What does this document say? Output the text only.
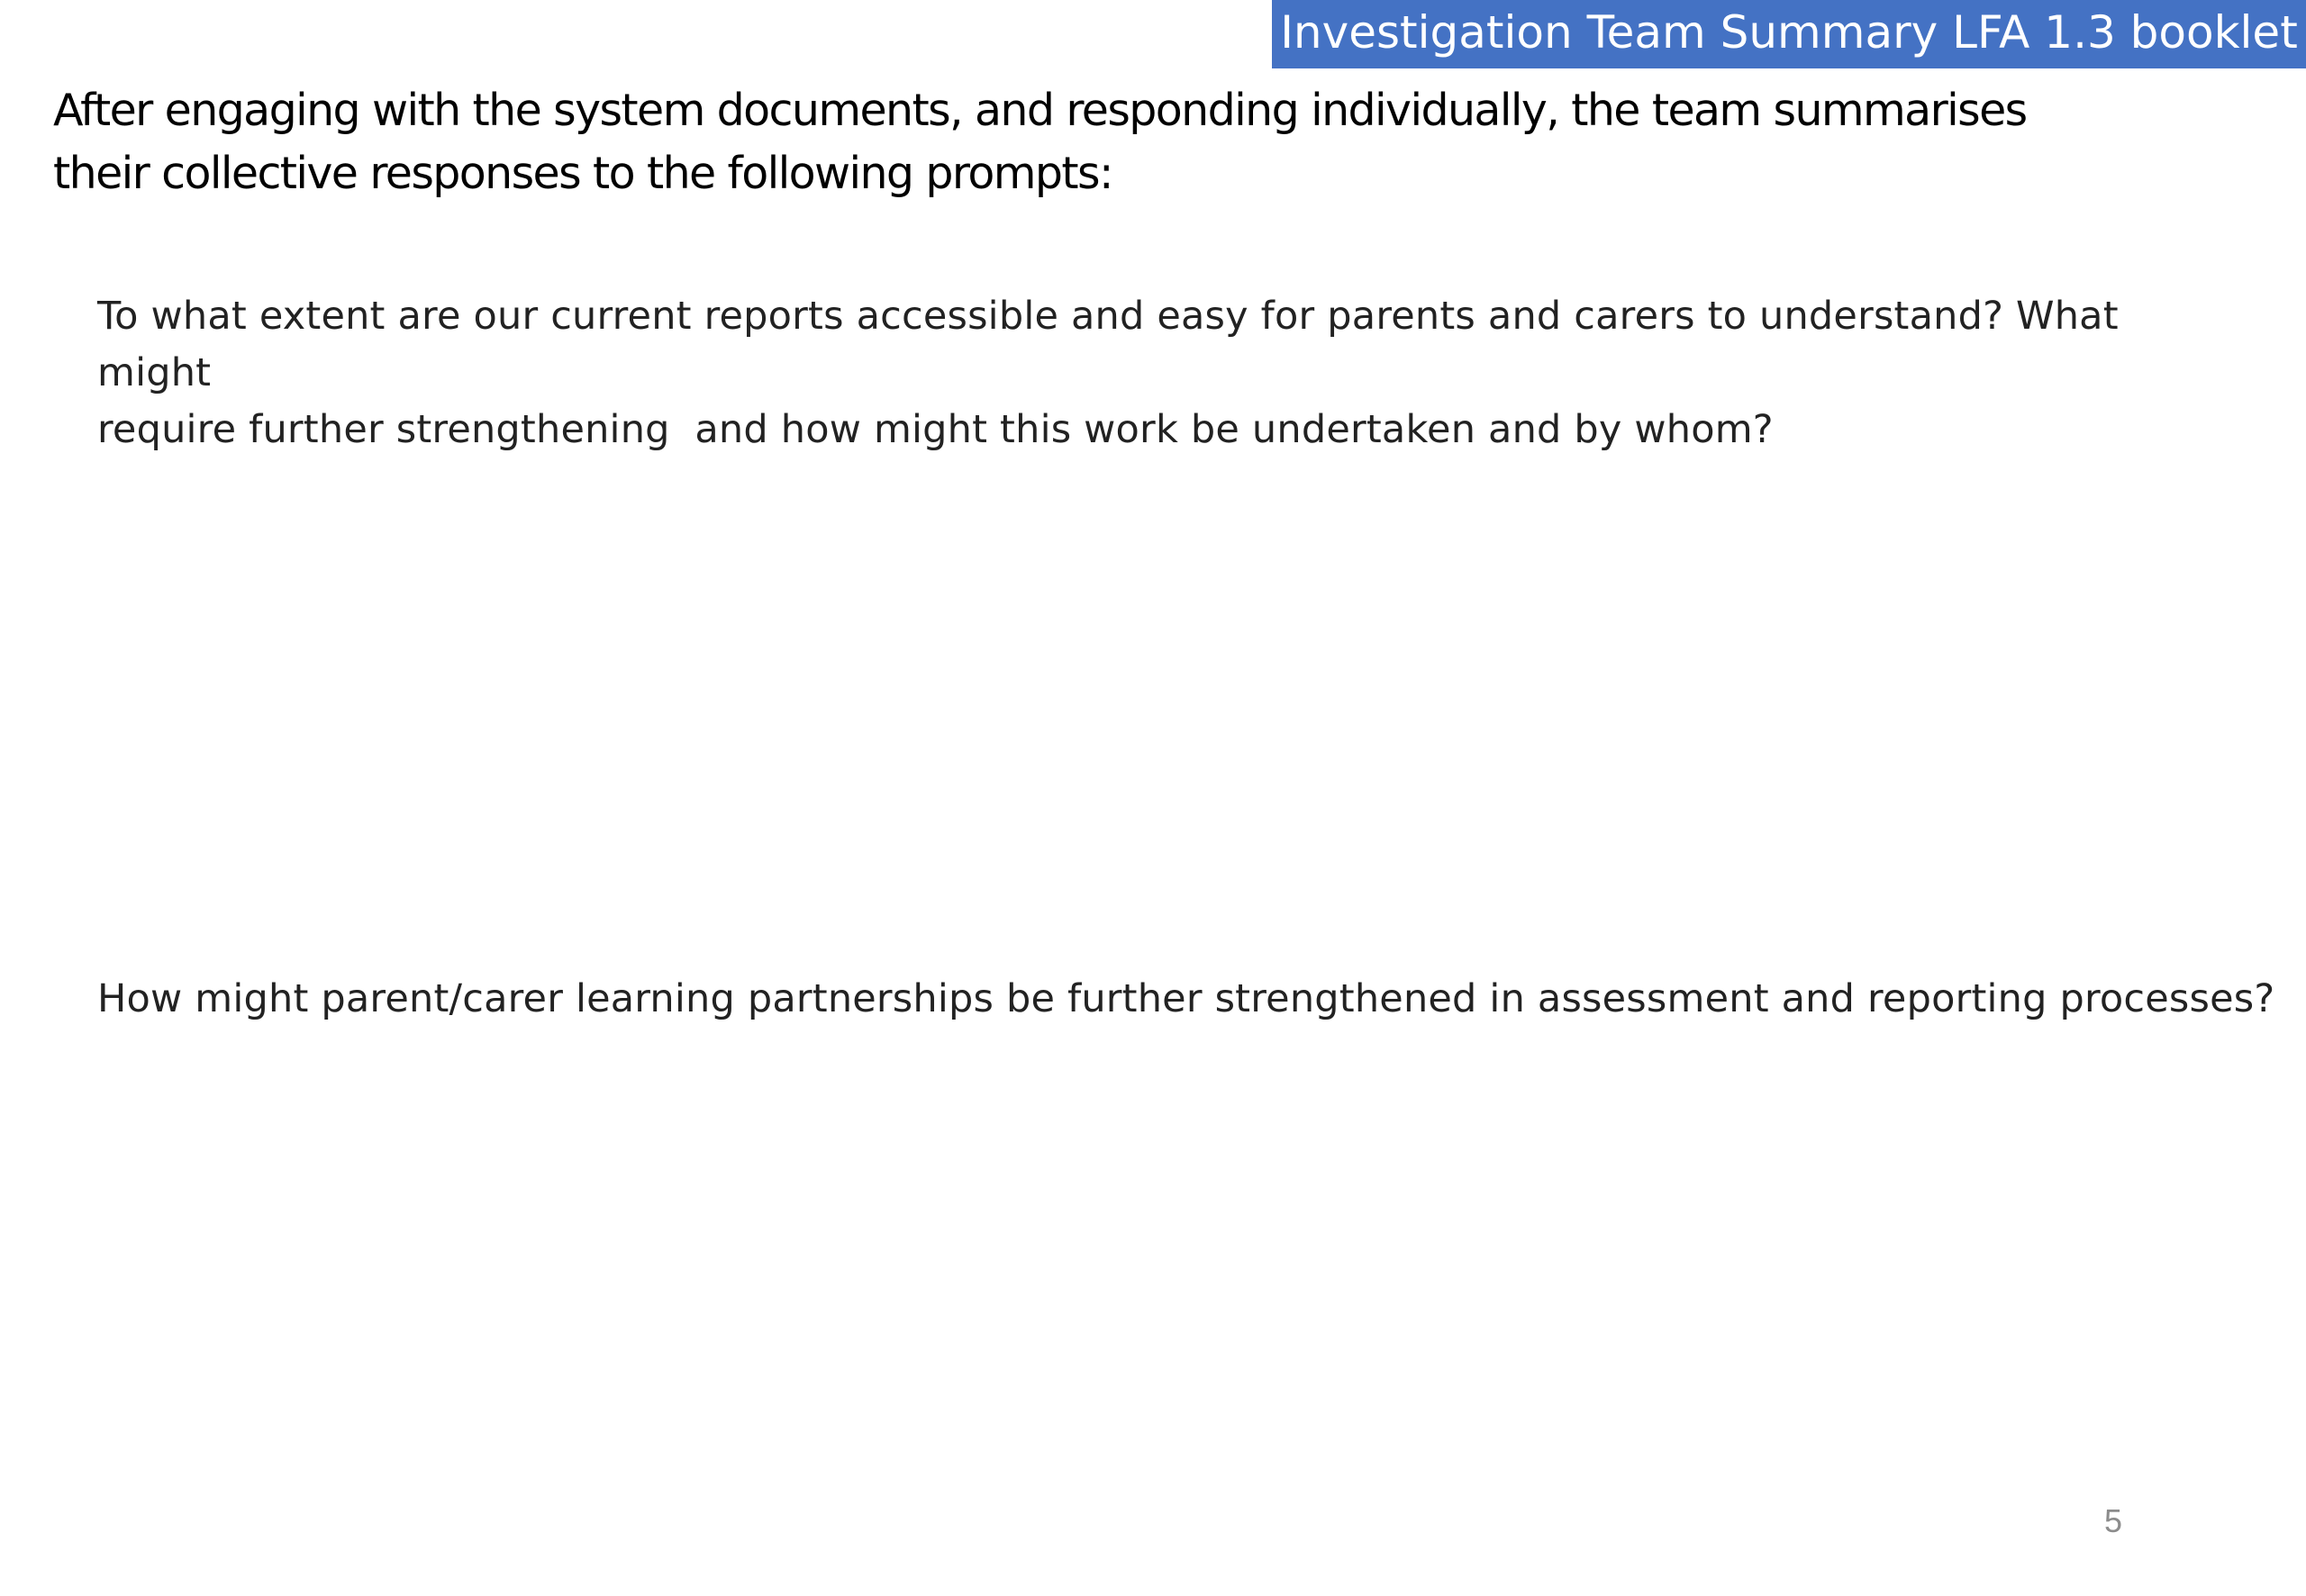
Investigation Team Summary LFA 1.3 booklet
After engaging with the system documents, and responding individually, the team summarises
their collective responses to the following prompts:
To what extent are our current reports accessible and easy for parents and carers to understand? What might
require further strengthening  and how might this work be undertaken and by whom?
How might parent/carer learning partnerships be further strengthened in assessment and reporting processes?
5
